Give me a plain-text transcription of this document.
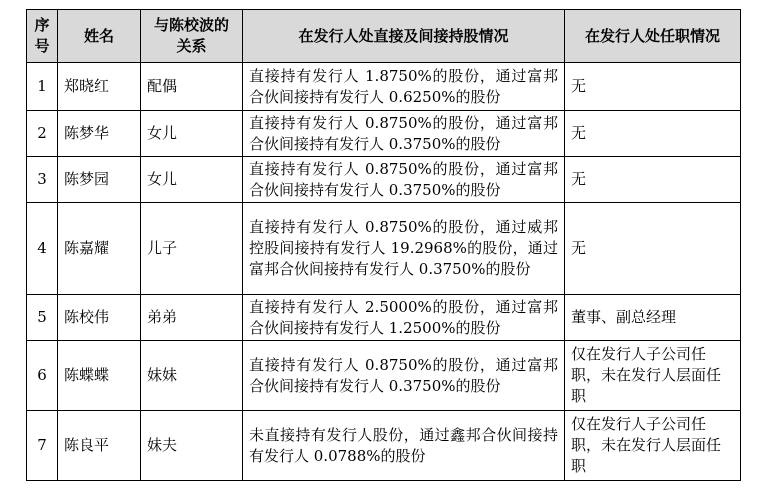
序号	姓名	与陈校波的关系	在发行人处直接及间接持股情况	在发行人处任职情况
1	郑晓红	配偶	直接持有发行人 1.8750%的股份，通过富邦合伙间接持有发行人 0.6250%的股份	无
2	陈梦华	女儿	直接持有发行人 0.8750%的股份，通过富邦合伙间接持有发行人 0.3750%的股份	无
3	陈梦园	女儿	直接持有发行人 0.8750%的股份，通过富邦合伙间接持有发行人 0.3750%的股份	无
4	陈嘉耀	儿子	直接持有发行人 0.8750%的股份，通过威邦控股间接持有发行人 19.2968%的股份，通过富邦合伙间接持有发行人 0.3750%的股份	无
5	陈校伟	弟弟	直接持有发行人 2.5000%的股份，通过富邦合伙间接持有发行人 1.2500%的股份	董事、副总经理
6	陈蝶蝶	妹妹	直接持有发行人 0.8750%的股份，通过富邦合伙间接持有发行人 0.3750%的股份	仅在发行人子公司任职，未在发行人层面任职
7	陈良平	妹夫	未直接持有发行人股份，通过鑫邦合伙间接持有发行人 0.0788%的股份	仅在发行人子公司任职，未在发行人层面任职
